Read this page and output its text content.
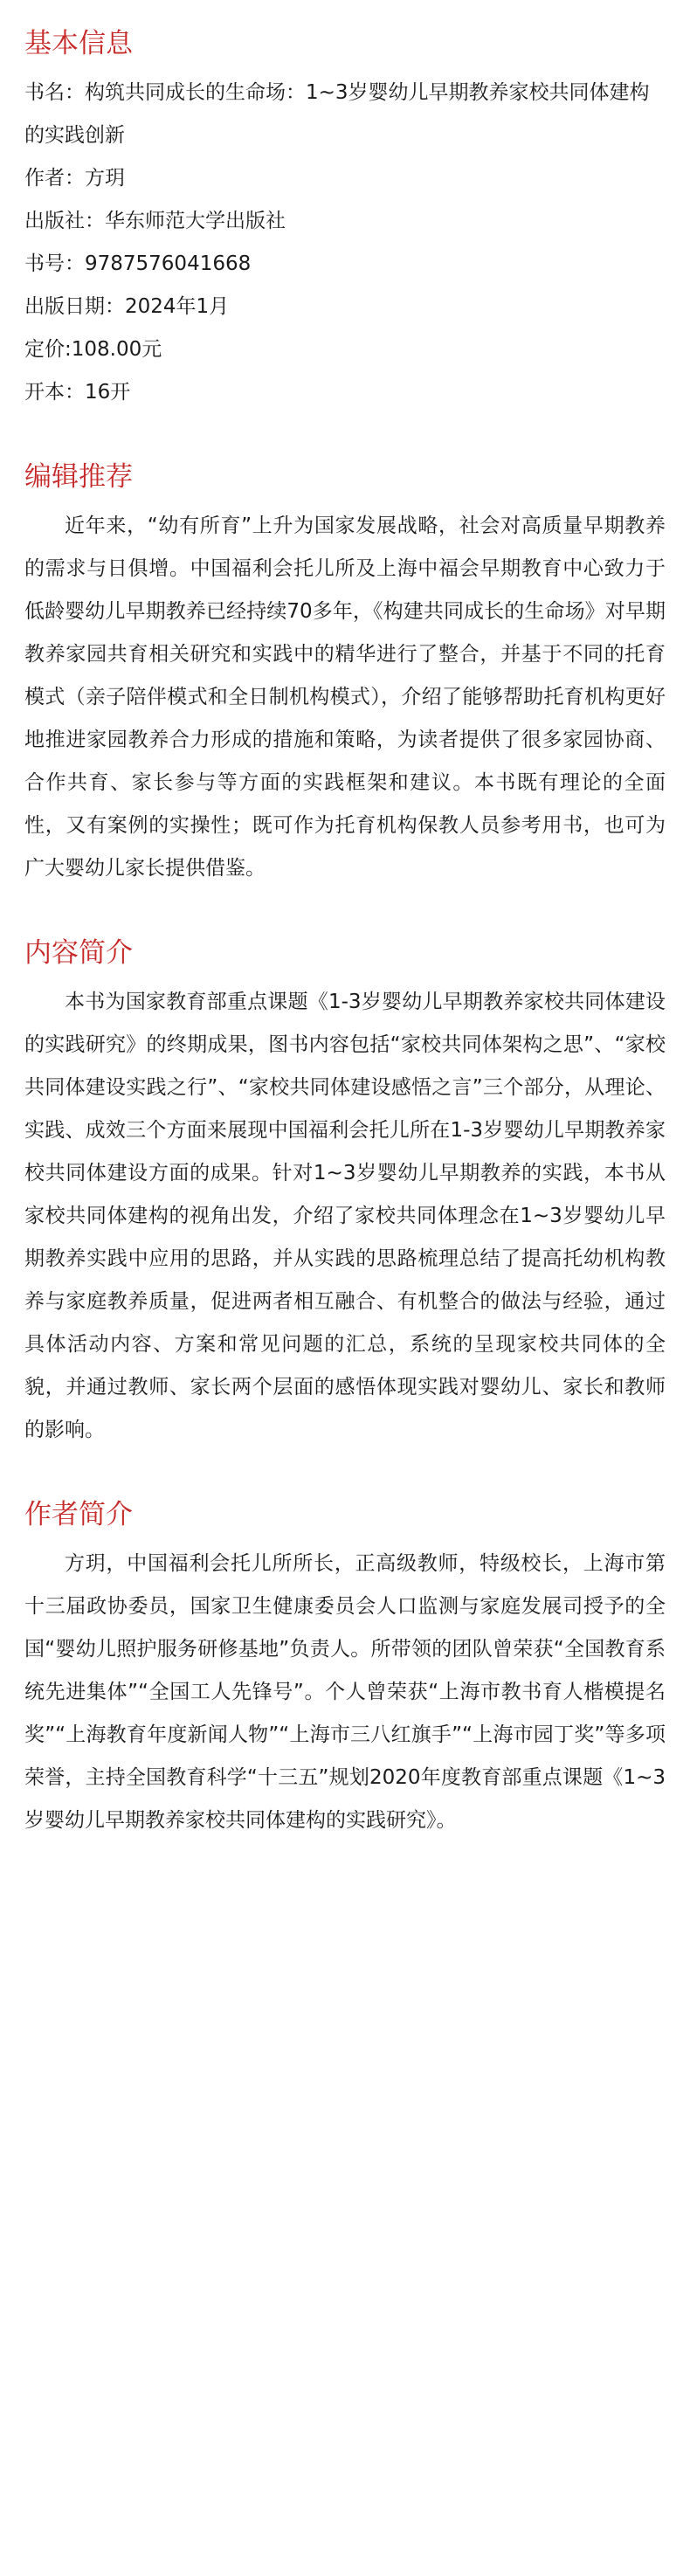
基本信息

书名：构筑共同成长的生命场：1~3岁婴幼儿早期教养家校共同体建构的实践创新

作者：方玥

出版社：华东师范大学出版社

书号：9787576041668

出版日期：2024年1月

定价:108.00元

开本：16开

编辑推荐

近年来，“幼有所育”上升为国家发展战略，社会对高质量早期教养的需求与日俱增。中国福利会托儿所及上海中福会早期教育中心致力于低龄婴幼儿早期教养已经持续70多年，《构建共同成长的生命场》对早期教养家园共育相关研究和实践中的精华进行了整合，并基于不同的托育模式（亲子陪伴模式和全日制机构模式），介绍了能够帮助托育机构更好地推进家园教养合力形成的措施和策略，为读者提供了很多家园协商、合作共育、家长参与等方面的实践框架和建议。本书既有理论的全面性，又有案例的实操性；既可作为托育机构保教人员参考用书，也可为广大婴幼儿家长提供借鉴。

内容简介

本书为国家教育部重点课题《1-3岁婴幼儿早期教养家校共同体建设的实践研究》的终期成果，图书内容包括“家校共同体架构之思”、“家校共同体建设实践之行”、“家校共同体建设感悟之言”三个部分，从理论、实践、成效三个方面来展现中国福利会托儿所在1-3岁婴幼儿早期教养家校共同体建设方面的成果。针对1~3岁婴幼儿早期教养的实践，本书从家校共同体建构的视角出发，介绍了家校共同体理念在1~3岁婴幼儿早期教养实践中应用的思路，并从实践的思路梳理总结了提高托幼机构教养与家庭教养质量，促进两者相互融合、有机整合的做法与经验，通过具体活动内容、方案和常见问题的汇总，系统的呈现家校共同体的全貌，并通过教师、家长两个层面的感悟体现实践对婴幼儿、家长和教师的影响。

作者简介

方玥，中国福利会托儿所所长，正高级教师，特级校长，上海市第十三届政协委员，国家卫生健康委员会人口监测与家庭发展司授予的全国“婴幼儿照护服务研修基地”负责人。所带领的团队曾荣获“全国教育系统先进集体”“全国工人先锋号”。个人曾荣获“上海市教书育人楷模提名奖”“上海教育年度新闻人物”“上海市三八红旗手”“上海市园丁奖”等多项荣誉，主持全国教育科学“十三五”规划2020年度教育部重点课题《1~3岁婴幼儿早期教养家校共同体建构的实践研究》。
